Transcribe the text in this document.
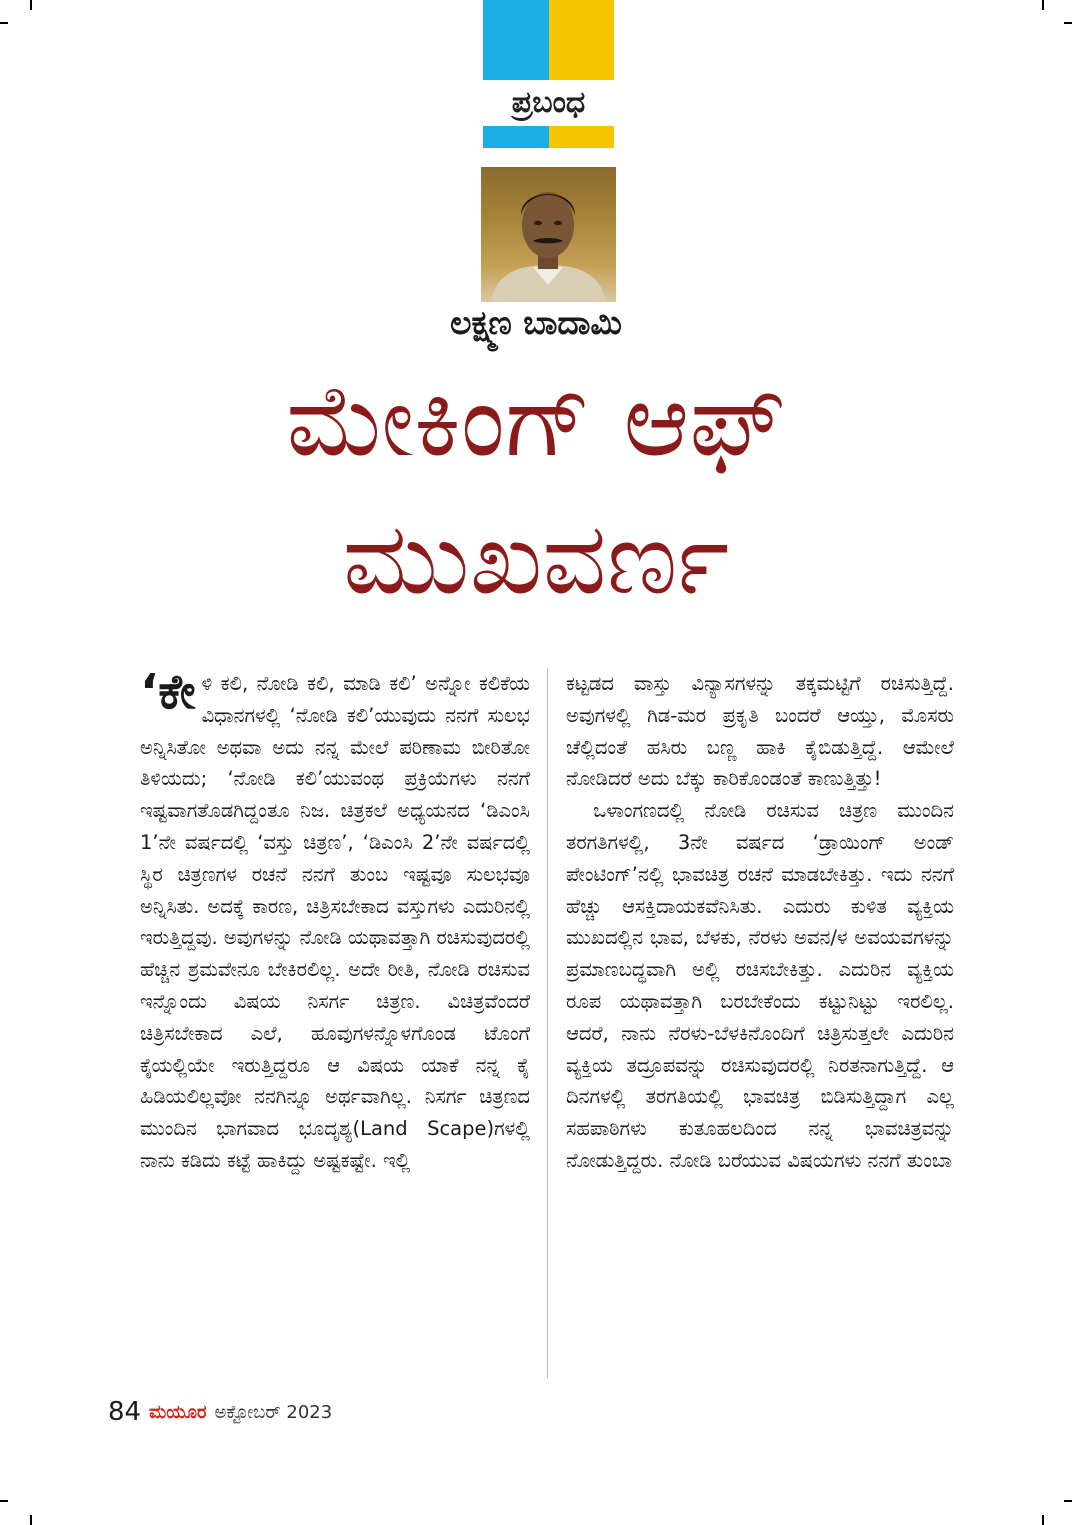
ಪ್ರಬಂಧ
ಲಕ್ಷ್ಮಣ ಬಾದಾಮಿ
ಮೇಕಿಂಗ್ ಆಫ್
ಮುಖವರ್ಣ

‘ಕೇಳಿ ಕಲಿ, ನೋಡಿ ಕಲಿ, ಮಾಡಿ ಕಲಿ’ ಅನ್ನೋ ಕಲಿಕೆಯ ವಿಧಾನಗಳಲ್ಲಿ ‘ನೋಡಿ ಕಲಿ’ಯುವುದು ನನಗೆ ಸುಲಭ ಅನ್ನಿಸಿತೋ ಅಥವಾ ಅದು ನನ್ನ ಮೇಲೆ ಪರಿಣಾಮ ಬೀರಿತೋ ತಿಳಿಯದು; ‘ನೋಡಿ ಕಲಿ’ಯುವಂಥ ಪ್ರಕ್ರಿಯೆಗಳು ನನಗೆ ಇಷ್ಟವಾಗತೊಡಗಿದ್ದಂತೂ ನಿಜ. ಚಿತ್ರಕಲೆ ಅಧ್ಯಯನದ ‘ಡಿಎಂಸಿ 1’ನೇ ವರ್ಷದಲ್ಲಿ ‘ವಸ್ತು ಚಿತ್ರಣ’, ‘ಡಿಎಂಸಿ 2’ನೇ ವರ್ಷದಲ್ಲಿ ಸ್ಥಿರ ಚಿತ್ರಣಗಳ ರಚನೆ ನನಗೆ ತುಂಬ ಇಷ್ಟವೂ ಸುಲಭವೂ ಅನ್ನಿಸಿತು. ಅದಕ್ಕೆ ಕಾರಣ, ಚಿತ್ರಿಸಬೇಕಾದ ವಸ್ತುಗಳು ಎದುರಿನಲ್ಲಿ ಇರುತ್ತಿದ್ದವು. ಅವುಗಳನ್ನು ನೋಡಿ ಯಥಾವತ್ತಾಗಿ ರಚಿಸುವುದರಲ್ಲಿ ಹೆಚ್ಚಿನ ಶ್ರಮವೇನೂ ಬೇಕಿರಲಿಲ್ಲ. ಅದೇ ರೀತಿ, ನೋಡಿ ರಚಿಸುವ ಇನ್ನೊಂದು ವಿಷಯ ನಿಸರ್ಗ ಚಿತ್ರಣ. ವಿಚಿತ್ರವೆಂದರೆ ಚಿತ್ರಿಸಬೇಕಾದ ಎಲೆ, ಹೂವುಗಳನ್ನೊಳಗೊಂಡ ಟೊಂಗೆ ಕೈಯಲ್ಲಿಯೇ ಇರುತ್ತಿದ್ದರೂ ಆ ವಿಷಯ ಯಾಕೆ ನನ್ನ ಕೈ ಹಿಡಿಯಲಿಲ್ಲವೋ ನನಗಿನ್ನೂ ಅರ್ಥವಾಗಿಲ್ಲ. ನಿಸರ್ಗ ಚಿತ್ರಣದ ಮುಂದಿನ ಭಾಗವಾದ ಭೂದೃಶ್ಯ(Land Scape)ಗಳಲ್ಲಿ ನಾನು ಕಡಿದು ಕಟ್ಟೆ ಹಾಕಿದ್ದು ಅಷ್ಟಕಷ್ಟೇ. ಇಲ್ಲಿ

ಕಟ್ಟಡದ ವಾಸ್ತು ವಿನ್ಯಾಸಗಳನ್ನು ತಕ್ಕಮಟ್ಟಿಗೆ ರಚಿಸುತ್ತಿದ್ದೆ. ಅವುಗಳಲ್ಲಿ ಗಿಡ-ಮರ ಪ್ರಕೃತಿ ಬಂದರೆ ಆಯ್ತು, ಮೊಸರು ಚೆಲ್ಲಿದಂತೆ ಹಸಿರು ಬಣ್ಣ ಹಾಕಿ ಕೈಬಿಡುತ್ತಿದ್ದೆ. ಆಮೇಲೆ ನೋಡಿದರೆ ಅದು ಬೆಕ್ಕು ಕಾರಿಕೊಂಡಂತೆ ಕಾಣುತ್ತಿತ್ತು!

ಒಳಾಂಗಣದಲ್ಲಿ ನೋಡಿ ರಚಿಸುವ ಚಿತ್ರಣ ಮುಂದಿನ ತರಗತಿಗಳಲ್ಲಿ, 3ನೇ ವರ್ಷದ ‘ಡ್ರಾಯಿಂಗ್ ಅಂಡ್ ಪೇಂಟಿಂಗ್’ನಲ್ಲಿ ಭಾವಚಿತ್ರ ರಚನೆ ಮಾಡಬೇಕಿತ್ತು. ಇದು ನನಗೆ ಹೆಚ್ಚು ಆಸಕ್ತಿದಾಯಕವೆನಿಸಿತು. ಎದುರು ಕುಳಿತ ವ್ಯಕ್ತಿಯ ಮುಖದಲ್ಲಿನ ಭಾವ, ಬೆಳಕು, ನೆರಳು ಅವನ/ಳ ಅವಯವಗಳನ್ನು ಪ್ರಮಾಣಬದ್ಧವಾಗಿ ಅಲ್ಲಿ ರಚಿಸಬೇಕಿತ್ತು. ಎದುರಿನ ವ್ಯಕ್ತಿಯ ರೂಪ ಯಥಾವತ್ತಾಗಿ ಬರಬೇಕೆಂದು ಕಟ್ಟುನಿಟ್ಟು ಇರಲಿಲ್ಲ. ಆದರೆ, ನಾನು ನೆರಳು-ಬೆಳಕಿನೊಂದಿಗೆ ಚಿತ್ರಿಸುತ್ತಲೇ ಎದುರಿನ ವ್ಯಕ್ತಿಯ ತದ್ರೂಪವನ್ನು ರಚಿಸುವುದರಲ್ಲಿ ನಿರತನಾಗುತ್ತಿದ್ದೆ. ಆ ದಿನಗಳಲ್ಲಿ ತರಗತಿಯಲ್ಲಿ ಭಾವಚಿತ್ರ ಬಿಡಿಸುತ್ತಿದ್ದಾಗ ಎಲ್ಲ ಸಹಪಾಠಿಗಳು ಕುತೂಹಲದಿಂದ ನನ್ನ ಭಾವಚಿತ್ರವನ್ನು ನೋಡುತ್ತಿದ್ದರು. ನೋಡಿ ಬರೆಯುವ ವಿಷಯಗಳು ನನಗೆ ತುಂಬಾ

84 ಮಯೂರ ಅಕ್ಟೋಬರ್ 2023
